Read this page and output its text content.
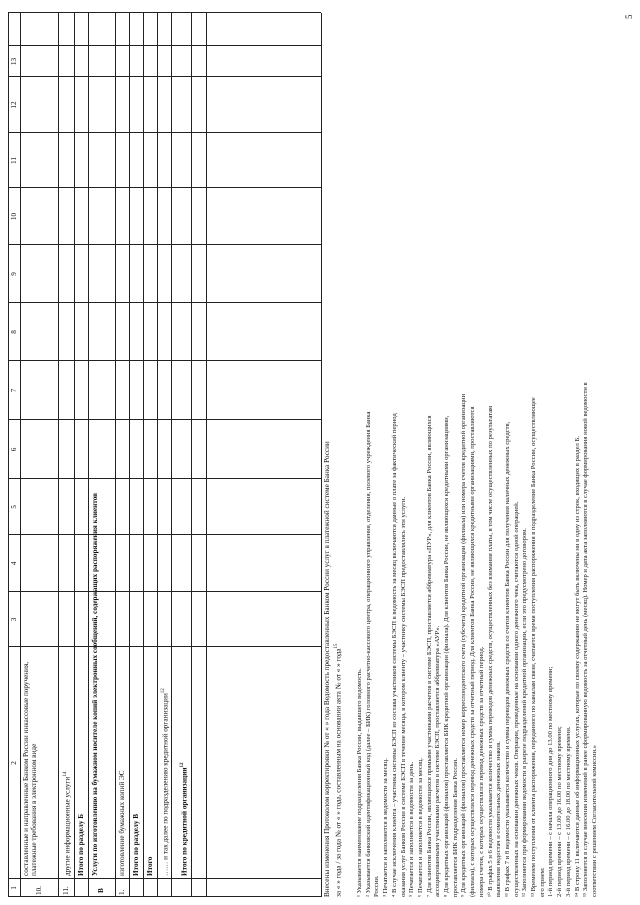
1
2
3
4
5
6
7
8
9
10
11
12
13
10.
составленные и направленные Банком России инкассовые поручения, платежные требования в электронном виде
11.
другие информационные услуги$^{14}$
Итого по разделу Б
В
Услуги по изготовлению на бумажном носителе копий электронных сообщений, содержащих распоряжения клиентов
1.
изготовление бумажных копий ЭС Итого по разделу В Итого …… и так далее по подразделению кредитной организации$^{12}$
Итого по кредитной организации$^{12}$	Внесены изменения Протоколом корректировки № от « » года Ведомость предоставленных Банком России услуг в платежной системе Банка России за « » года / за года № от « » года, составленным на основании акта № от « » года$^{15}$
¹ Указывается наименование подразделения Банка России, выдавшего ведомость. ² Указывается банковский идентификационный код (далее – БИК) головного расчетно-кассового центра, операционного управления, отделения, полевого учреждения Банка России. ³ Печатается и заполняется в ведомости за месяц. ⁴ В случае исключения клиента – участника системы БЭСП из состава участников системы БЭСП в ведомость за месяц включаются данные о плате за фактический период оказания услуг Банком России в системе БЭСП в течение месяца, в котором клиенту – участнику системы БЭСП предоставлялись эти услуги. ⁵ Печатается и заполняется в ведомости за день. ⁶ Печатается и заполняется в ведомости за месяц. ⁷ Для клиентов Банка России, являющихся прямыми участниками расчетов в системе БЭСП, проставляется аббревиатура «ПУР», для клиентов Банка России, являющихся ассоциированными участниками расчетов в системе БЭСП, проставляется аббревиатура «АУР». ⁸ Для кредитных организаций (филиалов) проставляется БИК кредитной организации (филиала). Для клиентов Банка России, не являющихся кредитными организациями, проставляется БИК подразделения Банка России. ⁹ Для кредитных организаций (филиалов) проставляется номер корреспондентского счета (субсчета) кредитной организации (филиала) или номера счетов кредитной организации (филиала), с которых осуществлялся перевод денежных средств за отчетный период. Для клиентов Банка России, не являющихся кредитными организациями, проставляются номера счетов, с которых осуществлялся перевод денежных средств за отчетный период. ¹⁰ В графах 5 и 6 ведомости указывается количество и сумма переводов денежных средств, осуществленных без взимания платы, в том числе осуществленных по результатам выявления недостач и сомнительных денежных знаков. ¹¹ В графах 7 и 8 ведомости указывается количество и сумма переводов денежных средств со счетов клиентов Банка России для получения наличных денежных средств, осуществленных на основании денежных чеков. Операции, проведенные на основании одного денежного чека, считаются одной операцией. ¹² Заполняется при формировании ведомости в разрезе подразделений кредитной организации, если это предусмотрено договором. ¹³ Временем поступления от клиента распоряжения, переданного по каналам связи, считается время поступления распоряжения в подразделение Банка России, осуществляющее его прием: 1-й период времени – с начала операционного дня до 13.00 по местному времени; 2-й период времени – с 13.00 до 16.00 по местному времени; 3-й период времени – с 16.00 до 18.00 по местному времени. ¹⁴ В строку 11 включаются данные об информационных услугах, которые по своему содержанию не могут быть включены ни в одну из строк, входящих в раздел Б. ¹⁵ Заполняется в случае внесения изменений в ранее сформированную ведомость за отчетный день (месяц). Номер и дата акта заполняются в случае формирования новой ведомости в соответствии с решением Согласительной комиссии.»
5
